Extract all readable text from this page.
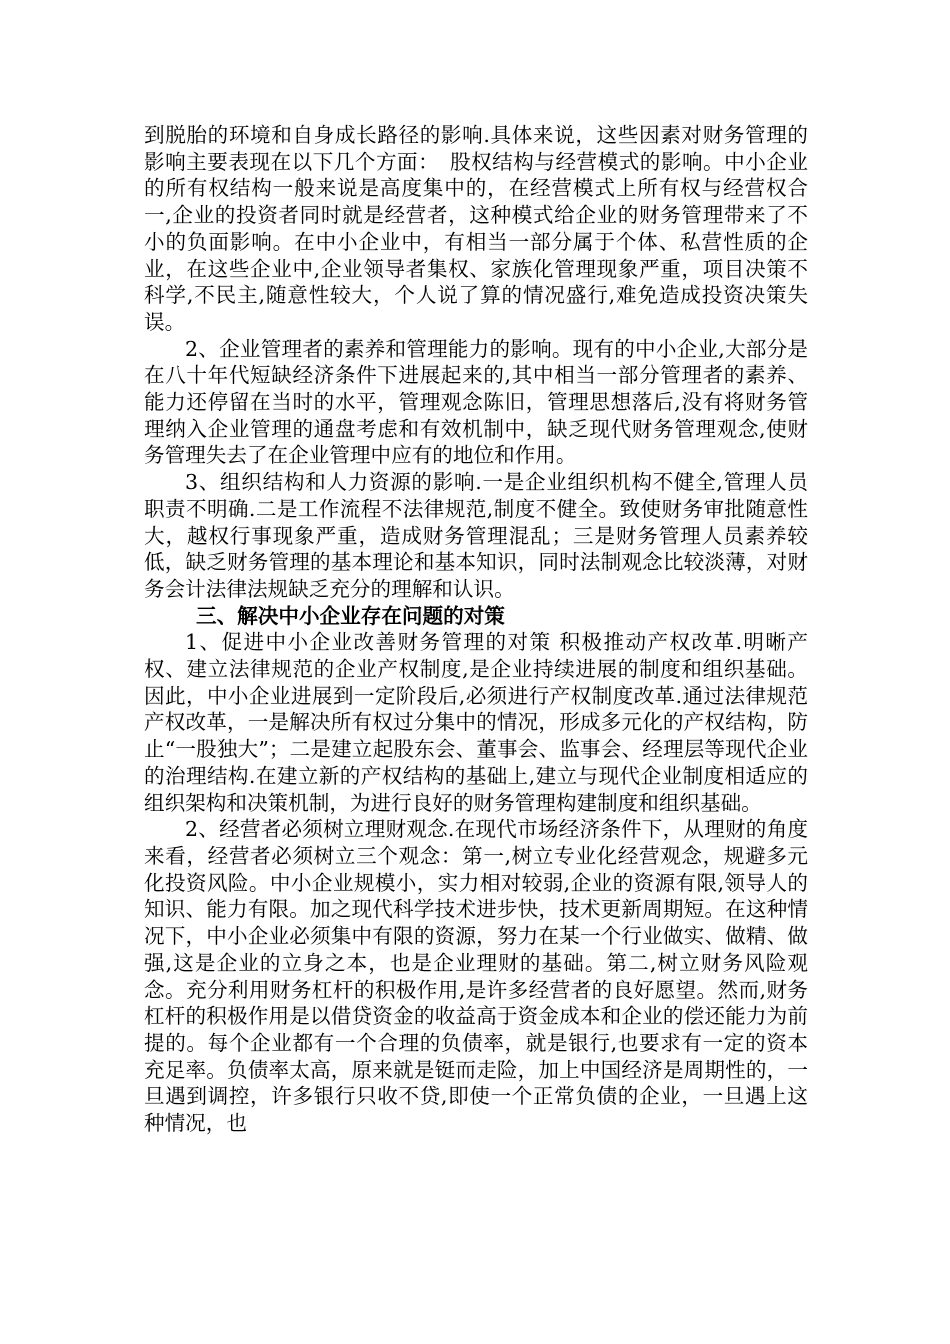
到脱胎的环境和自身成长路径的影响.具体来说，这些因素对财务管理的影响主要表现在以下几个方面：　股权结构与经营模式的影响。中小企业的所有权结构一般来说是高度集中的，在经营模式上所有权与经营权合一,企业的投资者同时就是经营者，这种模式给企业的财务管理带来了不小的负面影响。在中小企业中，有相当一部分属于个体、私营性质的企业，在这些企业中,企业领导者集权、家族化管理现象严重，项目决策不科学,不民主,随意性较大，个人说了算的情况盛行,难免造成投资决策失误。

2、企业管理者的素养和管理能力的影响。现有的中小企业,大部分是在八十年代短缺经济条件下进展起来的,其中相当一部分管理者的素养、能力还停留在当时的水平，管理观念陈旧，管理思想落后,没有将财务管理纳入企业管理的通盘考虑和有效机制中，缺乏现代财务管理观念,使财务管理失去了在企业管理中应有的地位和作用。

3、组织结构和人力资源的影响.一是企业组织机构不健全,管理人员职责不明确.二是工作流程不法律规范,制度不健全。致使财务审批随意性大，越权行事现象严重，造成财务管理混乱；三是财务管理人员素养较低，缺乏财务管理的基本理论和基本知识，同时法制观念比较淡薄，对财务会计法律法规缺乏充分的理解和认识。

三、解决中小企业存在问题的对策

1、促进中小企业改善财务管理的对策 积极推动产权改革.明晰产权、建立法律规范的企业产权制度,是企业持续进展的制度和组织基础。因此，中小企业进展到一定阶段后,必须进行产权制度改革.通过法律规范产权改革，一是解决所有权过分集中的情况，形成多元化的产权结构，防止“一股独大”；二是建立起股东会、董事会、监事会、经理层等现代企业的治理结构.在建立新的产权结构的基础上,建立与现代企业制度相适应的组织架构和决策机制，为进行良好的财务管理构建制度和组织基础。

2、经营者必须树立理财观念.在现代市场经济条件下，从理财的角度来看，经营者必须树立三个观念：第一,树立专业化经营观念，规避多元化投资风险。中小企业规模小，实力相对较弱,企业的资源有限,领导人的知识、能力有限。加之现代科学技术进步快，技术更新周期短。在这种情况下，中小企业必须集中有限的资源，努力在某一个行业做实、做精、做强,这是企业的立身之本，也是企业理财的基础。第二,树立财务风险观念。充分利用财务杠杆的积极作用,是许多经营者的良好愿望。然而,财务杠杆的积极作用是以借贷资金的收益高于资金成本和企业的偿还能力为前提的。每个企业都有一个合理的负债率，就是银行,也要求有一定的资本充足率。负债率太高，原来就是铤而走险，加上中国经济是周期性的，一旦遇到调控，许多银行只收不贷,即使一个正常负债的企业，一旦遇上这种情况，也
